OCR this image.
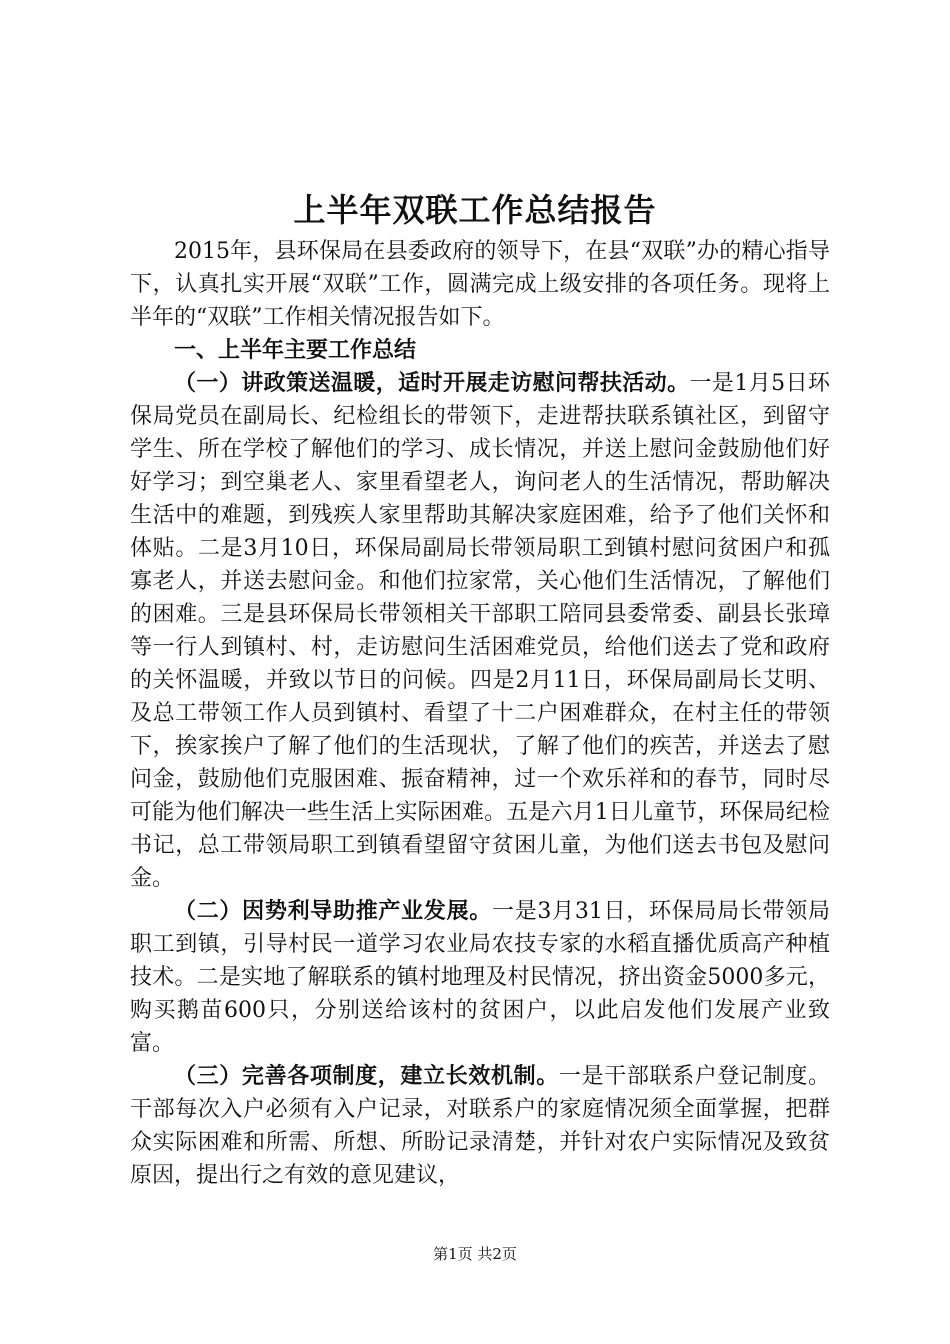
上半年双联工作总结报告

2015年，县环保局在县委政府的领导下，在县“双联”办的精心指导下，认真扎实开展“双联”工作，圆满完成上级安排的各项任务。现将上半年的“双联”工作相关情况报告如下。

一、上半年主要工作总结

（一）讲政策送温暖，适时开展走访慰问帮扶活动。一是1月5日环保局党员在副局长、纪检组长的带领下，走进帮扶联系镇社区，到留守学生、所在学校了解他们的学习、成长情况，并送上慰问金鼓励他们好好学习；到空巢老人、家里看望老人，询问老人的生活情况，帮助解决生活中的难题，到残疾人家里帮助其解决家庭困难，给予了他们关怀和体贴。二是3月10日，环保局副局长带领局职工到镇村慰问贫困户和孤寡老人，并送去慰问金。和他们拉家常，关心他们生活情况，了解他们的困难。三是县环保局长带领相关干部职工陪同县委常委、副县长张璋等一行人到镇村、村，走访慰问生活困难党员，给他们送去了党和政府的关怀温暖，并致以节日的问候。四是2月11日，环保局副局长艾明、及总工带领工作人员到镇村、看望了十二户困难群众，在村主任的带领下，挨家挨户了解了他们的生活现状，了解了他们的疾苦，并送去了慰问金，鼓励他们克服困难、振奋精神，过一个欢乐祥和的春节，同时尽可能为他们解决一些生活上实际困难。五是六月1日儿童节，环保局纪检书记，总工带领局职工到镇看望留守贫困儿童，为他们送去书包及慰问金。

（二）因势利导助推产业发展。一是3月31日，环保局局长带领局职工到镇，引导村民一道学习农业局农技专家的水稻直播优质高产种植技术。二是实地了解联系的镇村地理及村民情况，挤出资金5000多元，购买鹅苗600只，分别送给该村的贫困户，以此启发他们发展产业致富。

（三）完善各项制度，建立长效机制。一是干部联系户登记制度。干部每次入户必须有入户记录，对联系户的家庭情况须全面掌握，把群众实际困难和所需、所想、所盼记录清楚，并针对农户实际情况及致贫原因，提出行之有效的意见建议，

第1页 共2页
